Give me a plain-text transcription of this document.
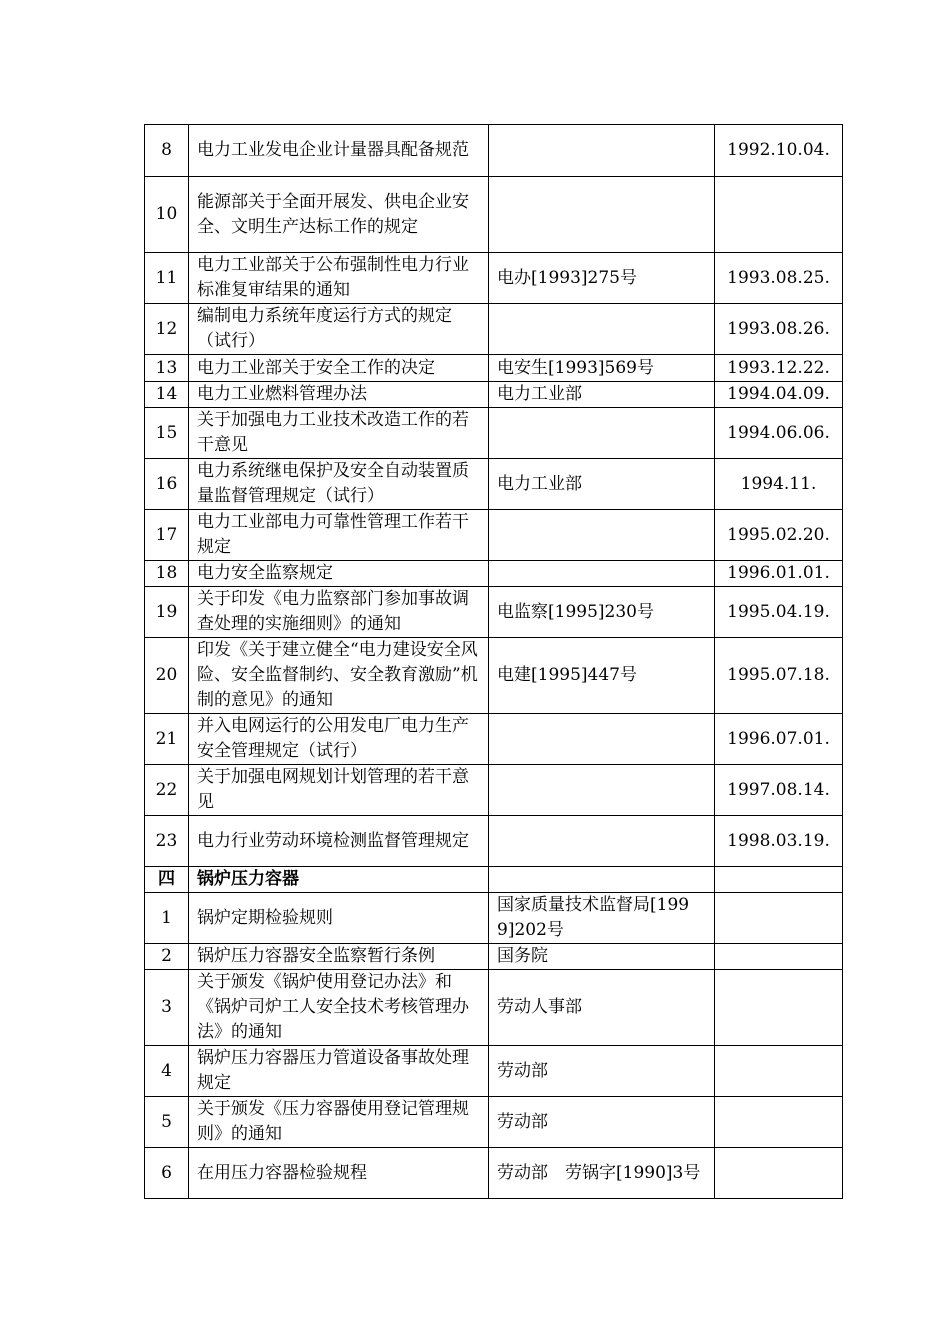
8	电力工业发电企业计量器具配备规范		1992.10.04.
10	能源部关于全面开展发、供电企业安全、文明生产达标工作的规定		
11	电力工业部关于公布强制性电力行业标准复审结果的通知	电办[1993]275号	1993.08.25.
12	编制电力系统年度运行方式的规定（试行）		1993.08.26.
13	电力工业部关于安全工作的决定	电安生[1993]569号	1993.12.22.
14	电力工业燃料管理办法	电力工业部	1994.04.09.
15	关于加强电力工业技术改造工作的若干意见		1994.06.06.
16	电力系统继电保护及安全自动装置质量监督管理规定（试行）	电力工业部	1994.11.
17	电力工业部电力可靠性管理工作若干规定		1995.02.20.
18	电力安全监察规定		1996.01.01.
19	关于印发《电力监察部门参加事故调查处理的实施细则》的通知	电监察[1995]230号	1995.04.19.
20	印发《关于建立健全“电力建设安全风险、安全监督制约、安全教育激励”机制的意见》的通知	电建[1995]447号	1995.07.18.
21	并入电网运行的公用发电厂电力生产安全管理规定（试行）		1996.07.01.
22	关于加强电网规划计划管理的若干意见		1997.08.14.
23	电力行业劳动环境检测监督管理规定		1998.03.19.
四	锅炉压力容器		
1	锅炉定期检验规则	国家质量技术监督局[1999]202号	
2	锅炉压力容器安全监察暂行条例	国务院	
3	关于颁发《锅炉使用登记办法》和《锅炉司炉工人安全技术考核管理办法》的通知	劳动人事部	
4	锅炉压力容器压力管道设备事故处理规定	劳动部	
5	关于颁发《压力容器使用登记管理规则》的通知	劳动部	
6	在用压力容器检验规程	劳动部　劳锅字[1990]3号	
